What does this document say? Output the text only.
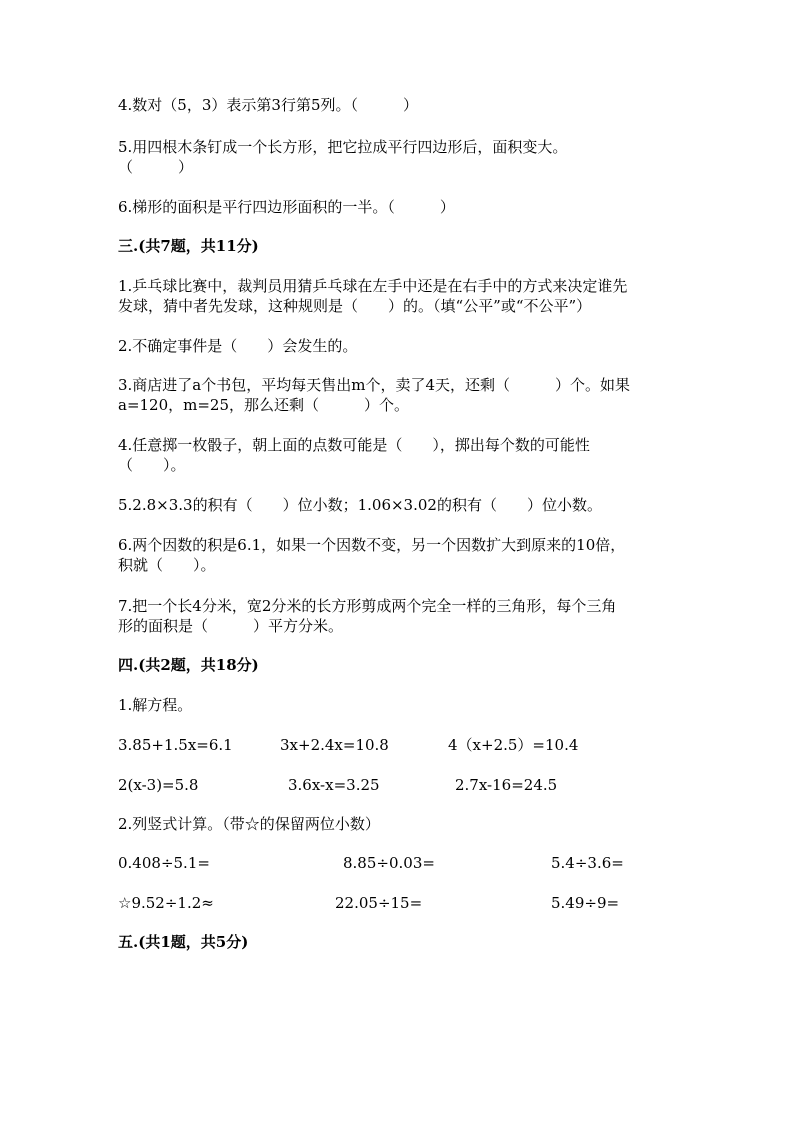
4.数对（5，3）表示第3行第5列。（　　　）
5.用四根木条钉成一个长方形，把它拉成平行四边形后，面积变大。
（　　　）
6.梯形的面积是平行四边形面积的一半。（　　　）
三.(共7题，共11分)
1.乒乓球比赛中，裁判员用猜乒乓球在左手中还是在右手中的方式来决定谁先
发球，猜中者先发球，这种规则是（　　）的。（填“公平”或“不公平”）
2.不确定事件是（　　）会发生的。
3.商店进了a个书包，平均每天售出m个，卖了4天，还剩（　　　）个。如果
a=120，m=25，那么还剩（　　　）个。
4.任意掷一枚骰子，朝上面的点数可能是（　　），掷出每个数的可能性
（　　）。
5.2.8×3.3的积有（　　）位小数；1.06×3.02的积有（　　）位小数。
6.两个因数的积是6.1，如果一个因数不变，另一个因数扩大到原来的10倍，
积就（　　）。
7.把一个长4分米，宽2分米的长方形剪成两个完全一样的三角形，每个三角
形的面积是（　　　）平方分米。
四.(共2题，共18分)
1.解方程。
3.85+1.5x=6.1	3x+2.4x=10.8	4（x+2.5）=10.4
2(x-3)=5.8	3.6x-x=3.25	2.7x-16=24.5
2.列竖式计算。（带☆的保留两位小数）
0.408÷5.1=	8.85÷0.03=	5.4÷3.6=
☆9.52÷1.2≈	22.05÷15=	5.49÷9=
五.(共1题，共5分)
